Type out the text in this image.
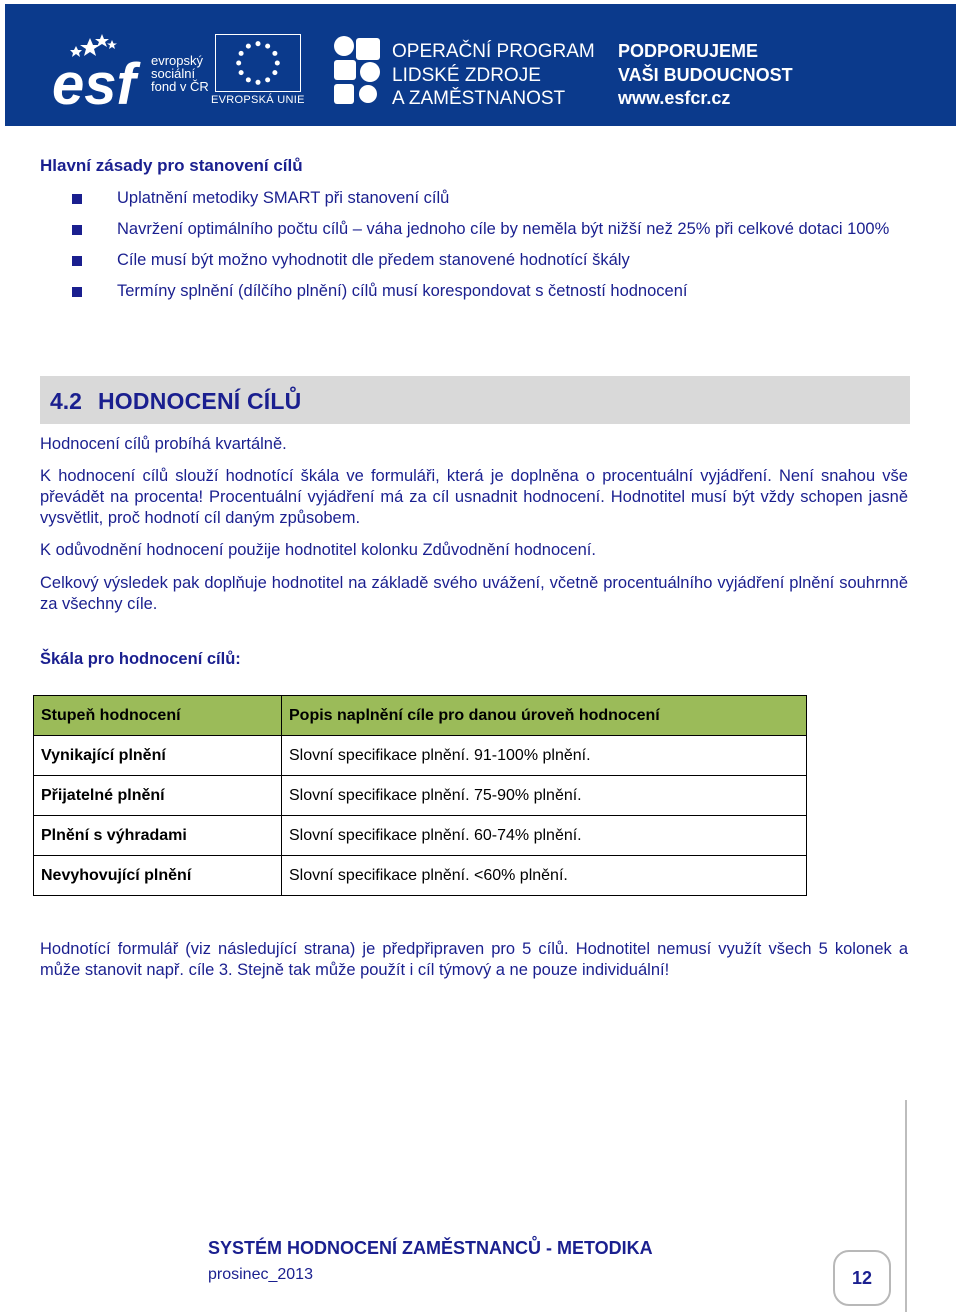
esf	evropský
sociální
fond v ČR
EVROPSKÁ UNIE
OPERAČNÍ PROGRAM
LIDSKÉ ZDROJE
A ZAMĚSTNANOST
PODPORUJEME
VAŠI BUDOUCNOST
www.esfcr.cz
Hlavní zásady pro stanovení cílů
Uplatnění metodiky SMART při stanovení cílů
Navržení optimálního počtu cílů – váha jednoho cíle by neměla být nižší než 25% při celkové dotaci 100%
Cíle musí být možno vyhodnotit dle předem stanovené hodnotící škály
Termíny splnění (dílčího plnění) cílů musí korespondovat s četností hodnocení
4.2 HODNOCENÍ CÍLŮ
Hodnocení cílů probíhá kvartálně.
K hodnocení cílů slouží hodnotící škála ve formuláři, která je doplněna o procentuální vyjádření. Není snahou vše převádět na procenta! Procentuální vyjádření má za cíl usnadnit hodnocení. Hodnotitel musí být vždy schopen jasně vysvětlit, proč hodnotí cíl daným způsobem.
K odůvodnění hodnocení použije hodnotitel kolonku Zdůvodnění hodnocení.
Celkový výsledek pak doplňuje hodnotitel na základě svého uvážení, včetně procentuálního vyjádření plnění souhrnně za všechny cíle.
Škála pro hodnocení cílů:
Stupeň hodnocení	Popis naplnění cíle pro danou úroveň hodnocení
Vynikající plnění	Slovní specifikace plnění. 91-100% plnění.
Přijatelné plnění	Slovní specifikace plnění. 75-90% plnění.
Plnění s výhradami	Slovní specifikace plnění. 60-74% plnění.
Nevyhovující plnění	Slovní specifikace plnění. <60% plnění.
Hodnotící formulář (viz následující strana) je předpřipraven pro 5 cílů. Hodnotitel nemusí využít všech 5 kolonek a může stanovit např. cíle 3. Stejně tak může použít i cíl týmový a ne pouze individuální!
SYSTÉM HODNOCENÍ ZAMĚSTNANCŮ - METODIKA
prosinec_2013	12
